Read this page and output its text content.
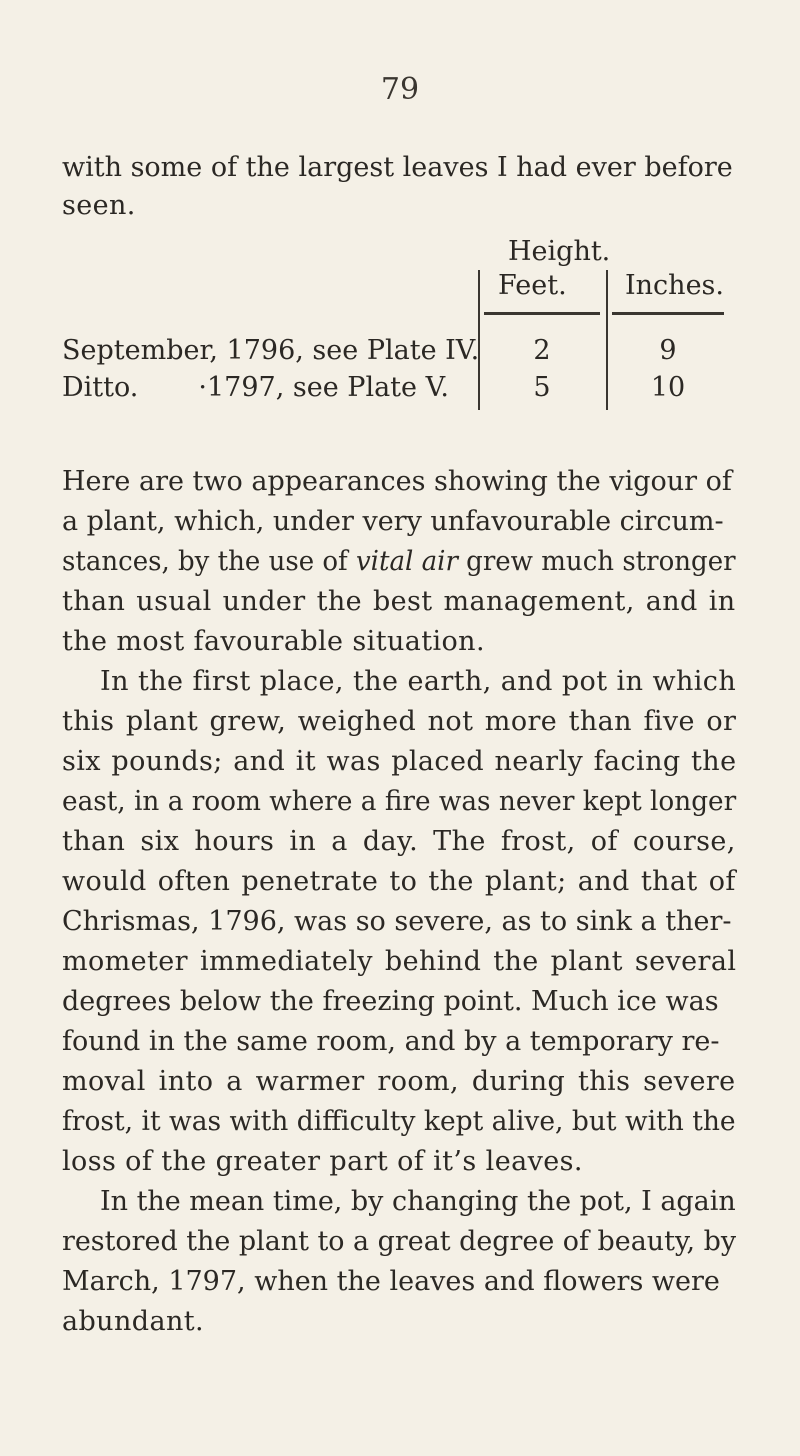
79
with some of the largest leaves I had ever before
seen.
Height.
Feet. Inches.
September, 1796, see Plate IV.	2	9
Ditto.       ·1797, see Plate V.	5	10
Here are two appearances showing the vigour of
a plant, which, under very unfavourable circum-
stances, by the use of vital air grew much stronger
than usual under the best management, and in
the most favourable situation.
In the first place, the earth, and pot in which
this plant grew, weighed not more than five or
six pounds; and it was placed nearly facing the
east, in a room where a fire was never kept longer
than six hours in a day. The frost, of course,
would often penetrate to the plant; and that of
Chrismas, 1796, was so severe, as to sink a ther-
mometer immediately behind the plant several
degrees below the freezing point. Much ice was
found in the same room, and by a temporary re-
moval into a warmer room, during this severe
frost, it was with difficulty kept alive, but with the
loss of the greater part of it’s leaves.
In the mean time, by changing the pot, I again
restored the plant to a great degree of beauty, by
March, 1797, when the leaves and flowers were
abundant.
